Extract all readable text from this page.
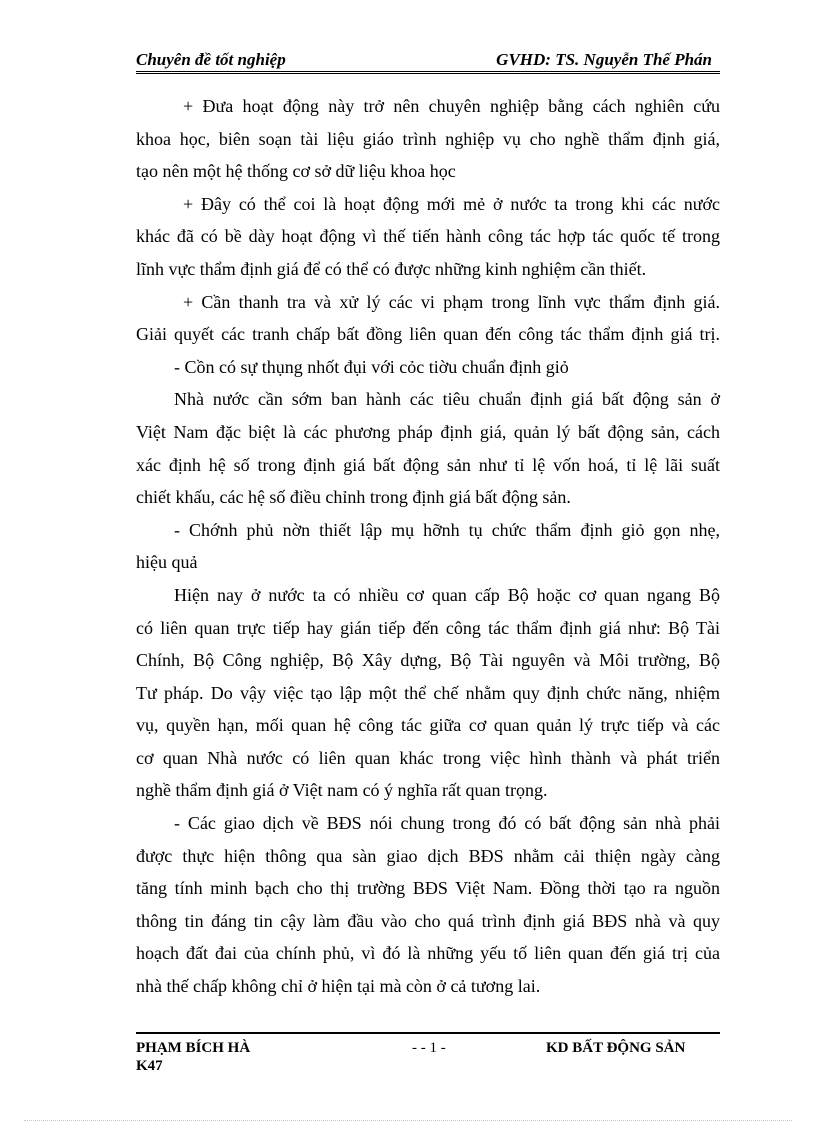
Chuyên đề tốt nghiệp	GVHD: TS. Nguyễn Thế Phán
+ Đưa hoạt động này trở nên chuyên nghiệp bằng cách nghiên cứu
khoa học, biên soạn tài liệu giáo trình nghiệp vụ cho nghề thẩm định giá,
tạo nên một hệ thống cơ sở dữ liệu khoa học
+ Đây có thể coi là hoạt động mới mẻ ở nước ta trong khi các nước
khác đã có bề dày hoạt động vì thế tiến hành công tác hợp tác quốc tế trong
lĩnh vực thẩm định giá để có thể có được những kinh nghiệm cần thiết.
+ Cần thanh tra và xử lý các vi phạm trong lĩnh vực thẩm định giá.
Giải quyết các tranh chấp bất đồng liên quan đến công tác thẩm định giá trị.
- Cồn có sự thụng nhốt đụi với cỏc tiờu chuẩn định giỏ
Nhà nước cần sớm ban hành các tiêu chuẩn định giá bất động sản ở
Việt Nam đặc biệt là các phương pháp định giá, quản lý bất động sản, cách
xác định hệ số trong định giá bất động sản như tỉ lệ vốn hoá, tỉ lệ lãi suất
chiết khấu, các hệ số điều chỉnh trong định giá bất động sản.
- Chớnh phủ nờn thiết lập mụ hỡnh tụ chức thẩm định giỏ gọn nhẹ,
hiệu quả
Hiện nay ở nước ta có nhiều cơ quan cấp Bộ hoặc cơ quan ngang Bộ
có liên quan trực tiếp hay gián tiếp đến công tác thẩm định giá như: Bộ Tài
Chính, Bộ Công nghiệp, Bộ Xây dựng, Bộ Tài nguyên và Môi trường, Bộ
Tư pháp. Do vậy việc tạo lập một thể chế nhằm quy định chức năng, nhiệm
vụ, quyền hạn, mối quan hệ công tác giữa cơ quan quản lý trực tiếp và các
cơ quan Nhà nước có liên quan khác trong việc hình thành và phát triển
nghề thẩm định giá ở Việt nam có ý nghĩa rất quan trọng.
- Các giao dịch về BĐS nói chung trong đó có bất động sản nhà phải
được thực hiện thông qua sàn giao dịch BĐS nhằm cải thiện ngày càng
tăng tính minh bạch cho thị trường BĐS Việt Nam. Đồng thời tạo ra nguồn
thông tin đáng tin cậy làm đầu vào cho quá trình định giá BĐS nhà và quy
hoạch đất đai của chính phủ, vì đó là những yếu tố liên quan đến giá trị của
nhà thế chấp không chỉ ở hiện tại mà còn ở cả tương lai.
PHẠM BÍCH HÀ
K47
- - 1 -	KD BẤT ĐỘNG SẢN
